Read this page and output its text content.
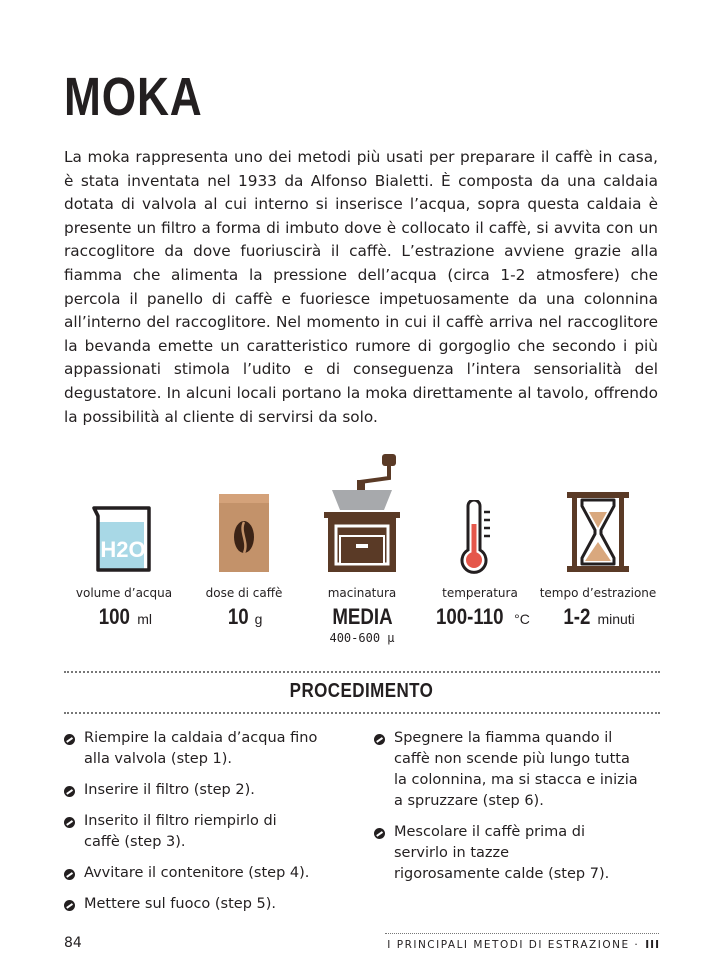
MOKA

La moka rappresenta uno dei metodi più usati per preparare il caffè in casa, è stata inventata nel 1933 da Alfonso Bialetti. È composta da una caldaia dotata di valvola al cui interno si inserisce l’acqua, sopra questa caldaia è presente un filtro a forma di imbuto dove è collocato il caffè, si avvita con un raccoglitore da dove fuoriuscirà il caffè. L’estrazione avviene grazie alla fiamma che alimenta la pressione dell’acqua (circa 1-2 atmosfere) che percola il panello di caffè e fuoriesce impetuosamente da una colonnina all’interno del raccoglitore. Nel momento in cui il caffè arriva nel raccoglitore la bevanda emette un caratteristico rumore di gorgoglio che secondo i più appassionati stimola l’udito e di conseguenza l’intera sensorialità del degustatore. In alcuni locali portano la moka direttamente al tavolo, offrendo la possibilità al cliente di servirsi da solo.

H2O
volume d’acqua
100 ml
dose di caffè
10 g
macinatura
MEDIA
400-600 µ
temperatura
100-110 °C
tempo d’estrazione
1-2 minuti
PROCEDIMENTO
Riempire la caldaia d’acqua fino alla valvola (step 1).
Inserire il filtro (step 2).
Inserito il filtro riempirlo di caffè (step 3).
Avvitare il contenitore (step 4).
Mettere sul fuoco (step 5).
Spegnere la fiamma quando il caffè non scende più lungo tutta la colonnina, ma si stacca e inizia a spruzzare (step 6).
Mescolare il caffè prima di servirlo in tazze rigorosamente calde (step 7).
84	I PRINCIPALI METODI DI ESTRAZIONE · III
